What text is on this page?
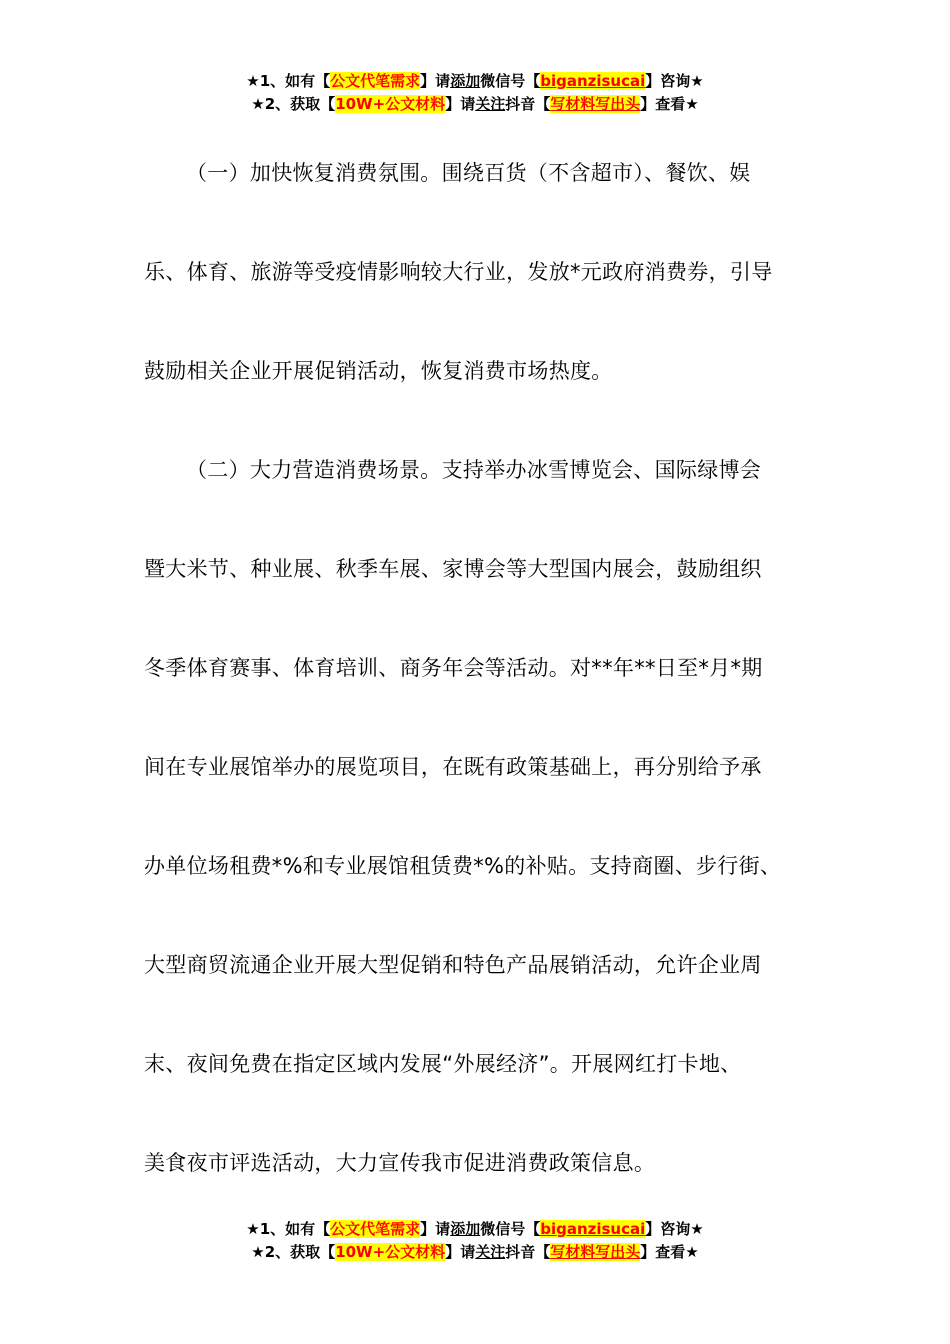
★1、如有【公文代笔需求】请添加微信号【biganzisucai】咨询★
★2、获取【10W+公文材料】请关注抖音【写材料写出头】查看★

（一）加快恢复消费氛围。围绕百货（不含超市）、餐饮、娱
乐、体育、旅游等受疫情影响较大行业，发放*元政府消费券，引导
鼓励相关企业开展促销活动，恢复消费市场热度。

（二）大力营造消费场景。支持举办冰雪博览会、国际绿博会
暨大米节、种业展、秋季车展、家博会等大型国内展会，鼓励组织
冬季体育赛事、体育培训、商务年会等活动。对**年**日至*月*期
间在专业展馆举办的展览项目，在既有政策基础上，再分别给予承
办单位场租费*%和专业展馆租赁费*%的补贴。支持商圈、步行街、
大型商贸流通企业开展大型促销和特色产品展销活动，允许企业周
末、夜间免费在指定区域内发展“外展经济”。开展网红打卡地、
美食夜市评选活动，大力宣传我市促进消费政策信息。

★1、如有【公文代笔需求】请添加微信号【biganzisucai】咨询★
★2、获取【10W+公文材料】请关注抖音【写材料写出头】查看★
